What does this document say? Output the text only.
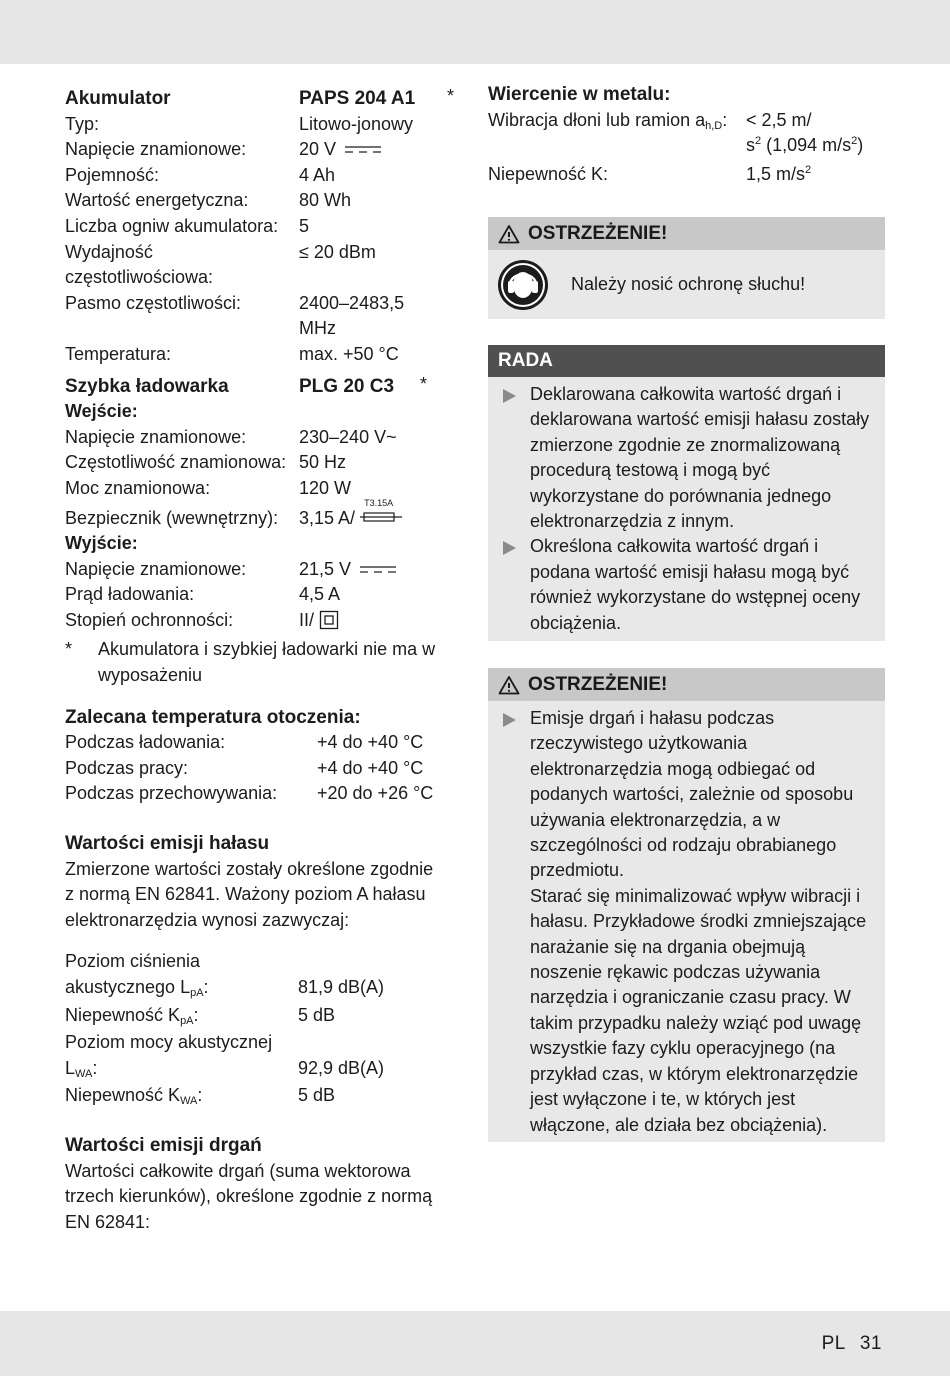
Akumulator	PAPS 204 A1	*
Typ:	Litowo-jonowy
Napięcie znamionowe:	20 V
Pojemność:	4 Ah
Wartość energetyczna:	80 Wh
Liczba ogniw akumulatora:	5
Wydajność częstotliwościowa:
≤ 20 dBm
Pasmo częstotliwości:	2400–2483,5 MHz
Temperatura:	max. +50 °C
Szybka ładowarka	PLG 20 C3	*
Wejście:
Napięcie znamionowe:	230–240 V~
Częstotliwość znamionowa: 50 Hz
Moc znamionowa:	120 W
Bezpiecznik (wewnętrzny):	3,15 A/
T3.15A
Wyjście:
Napięcie znamionowe:	21,5 V
Prąd ładowania:	4,5 A
Stopień ochronności:	II/
*	Akumulatora i szybkiej ładowarki nie ma w wyposażeniu
Zalecana temperatura otoczenia:
Podczas ładowania:	+4 do +40 °C
Podczas pracy:	+4 do +40 °C
Podczas przechowywania:	+20 do +26 °C
Wartości emisji hałasu
Zmierzone wartości zostały określone zgodnie z normą EN 62841. Ważony poziom A hałasu elektronarzędzia wynosi zazwyczaj:
Poziom ciśnienia
akustycznego $L_{pA}$:	81,9 dB(A)
Niepewność $K_{pA}$:	5 dB
Poziom mocy akustycznej
$L_{WA}$:	92,9 dB(A)
Niepewność $K_{WA}$:	5 dB
Wartości emisji drgań
Wartości całkowite drgań (suma wektorowa trzech kierunków), określone zgodnie z normą EN 62841:
Wiercenie w metalu:
Wibracja dłoni lub ramion $a_{h,D}$:	< 2,5 m/
$s^2$ (1,094 $m/s^2$)
Niepewność K:	1,5 $m/s^2$
OSTRZEŻENIE!
Należy nosić ochronę słuchu!
RADA
Deklarowana całkowita wartość drgań i deklarowana wartość emisji hałasu zostały zmierzone zgodnie ze znormalizowaną procedurą testową i mogą być wykorzystane do porównania jednego elektronarzędzia z innym.
Określona całkowita wartość drgań i podana wartość emisji hałasu mogą być również wykorzystane do wstępnej oceny obciążenia.
OSTRZEŻENIE!
Emisje drgań i hałasu podczas rzeczywistego użytkowania elektronarzędzia mogą odbiegać od podanych wartości, zależnie od sposobu używania elektronarzędzia, a w szczególności od rodzaju obrabianego przedmiotu.
Starać się minimalizować wpływ wibracji i hałasu. Przykładowe środki zmniejszające narażanie się na drgania obejmują noszenie rękawic podczas używania narzędzia i ograniczanie czasu pracy. W takim przypadku należy wziąć pod uwagę wszystkie fazy cyklu operacyjnego (na przykład czas, w którym elektronarzędzie jest wyłączone i te, w których jest włączone, ale działa bez obciążenia).
PL 31
